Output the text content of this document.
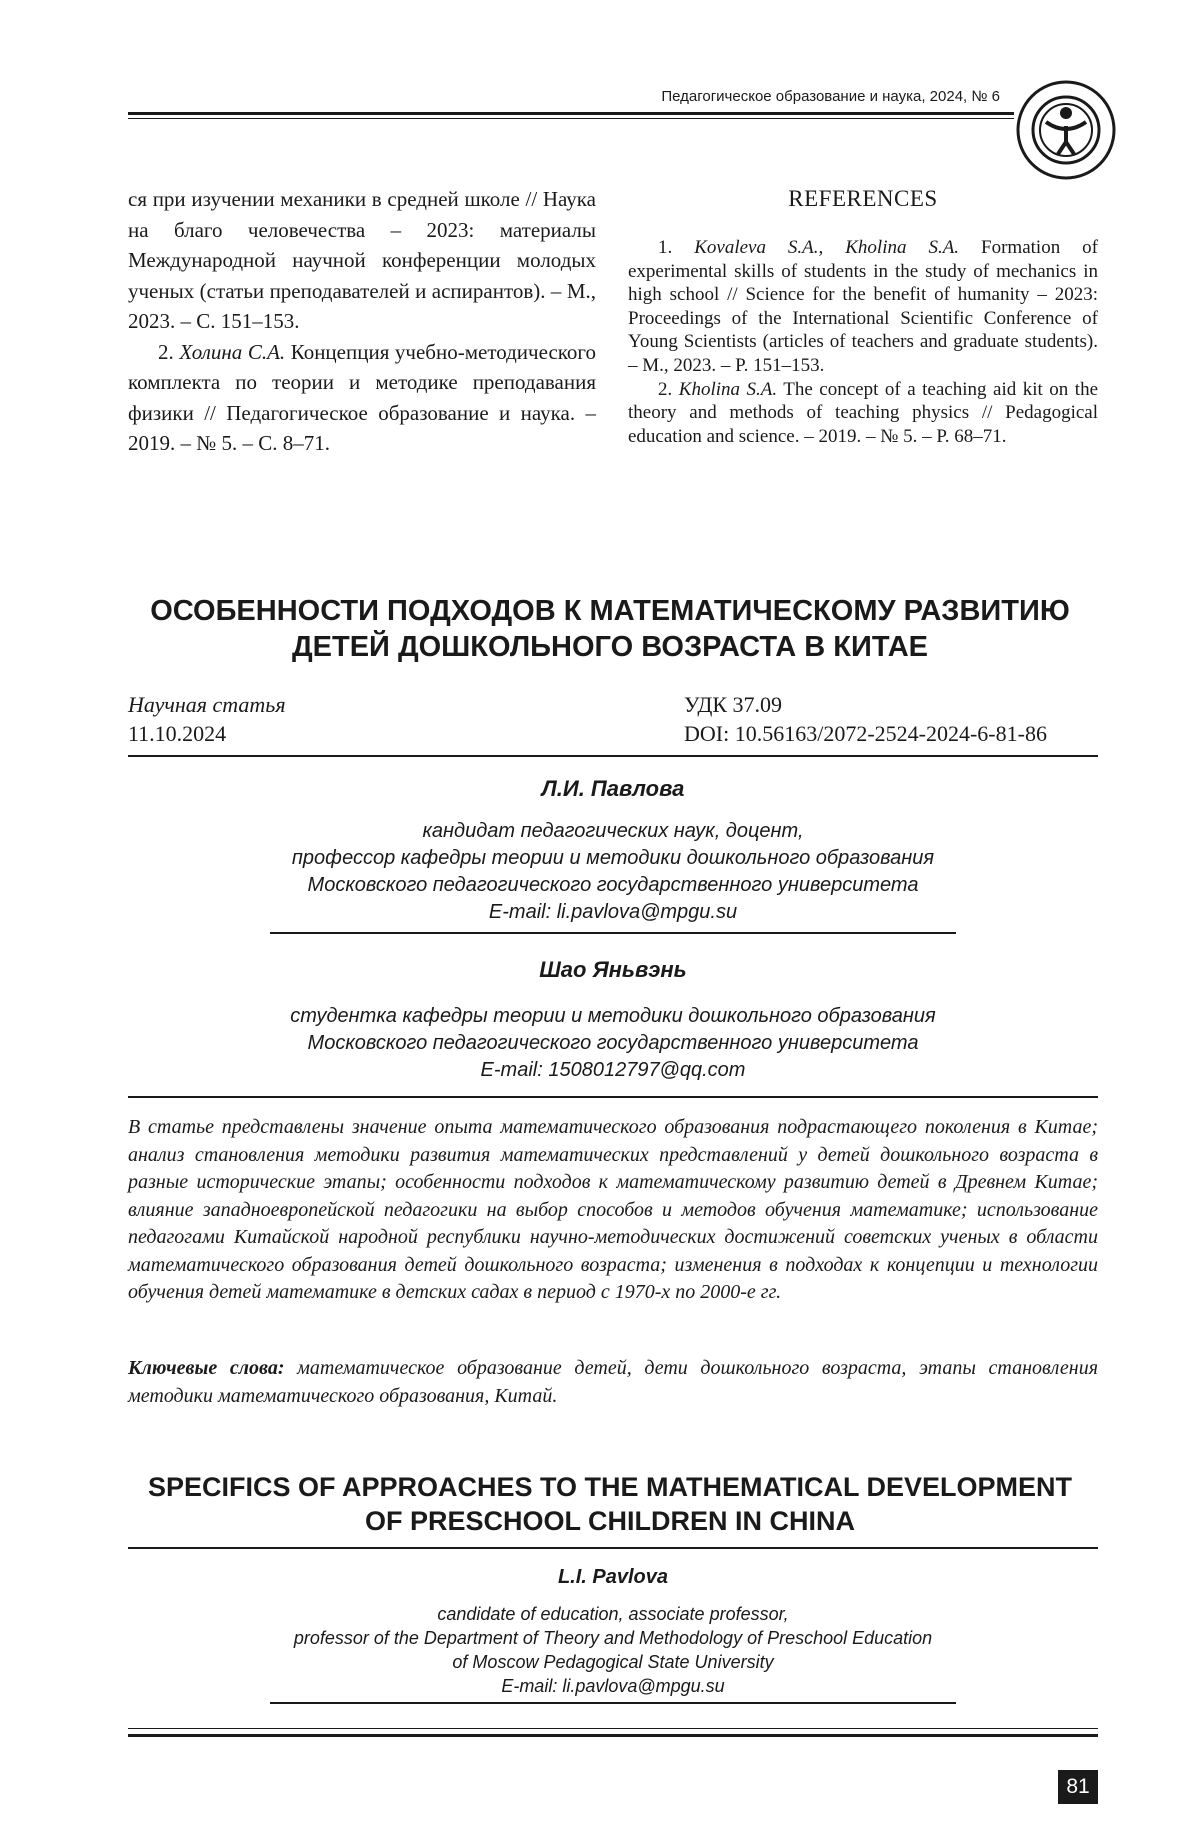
Педагогическое образование и наука, 2024, № 6

ся при изучении механики в средней школе // Наука на благо человечества – 2023: материалы Международной научной конференции молодых ученых (статьи преподавателей и аспирантов). – М., 2023. – С. 151–153.

2. Холина С.А. Концепция учебно-методического комплекта по теории и методике преподавания физики // Педагогическое образование и наука. – 2019. – № 5. – С. 8–71.

REFERENCES

1. Kovaleva S.A., Kholina S.A. Formation of experimental skills of students in the study of mechanics in high school // Science for the benefit of humanity – 2023: Proceedings of the International Scientific Conference of Young Scientists (articles of teachers and graduate students). – M., 2023. – P. 151–153.

2. Kholina S.A. The concept of a teaching aid kit on the theory and methods of teaching physics // Pedagogical education and science. – 2019. – № 5. – P. 68–71.

ОСОБЕННОСТИ ПОДХОДОВ К МАТЕМАТИЧЕСКОМУ РАЗВИТИЮ
ДЕТЕЙ ДОШКОЛЬНОГО ВОЗРАСТА В КИТАЕ
Научная статья
11.10.2024
УДК 37.09
DOI: 10.56163/2072-2524-2024-6-81-86
Л.И. Павлова
кандидат педагогических наук, доцент,
профессор кафедры теории и методики дошкольного образования
Московского педагогического государственного университета
E-mail: li.pavlova@mpgu.su
Шао Яньвэнь
студентка кафедры теории и методики дошкольного образования
Московского педагогического государственного университета
E-mail: 1508012797@qq.com
В статье представлены значение опыта математического образования подрастающего поколения в Китае; анализ становления методики развития математических представлений у детей дошкольного возраста в разные исторические этапы; особенности подходов к математическому развитию детей в Древнем Китае; влияние западноевропейской педагогики на выбор способов и методов обучения математике; использование педагогами Китайской народной республики научно-методических достижений советских ученых в области математического образования детей дошкольного возраста; изменения в подходах к концепции и технологии обучения детей математике в детских садах в период с 1970-х по 2000-е гг.
Ключевые слова: математическое образование детей, дети дошкольного возраста, этапы становления методики математического образования, Китай.
SPECIFICS OF APPROACHES TO THE MATHEMATICAL DEVELOPMENT
OF PRESCHOOL CHILDREN IN CHINA
L.I. Pavlova
candidate of education, associate professor,
professor of the Department of Theory and Methodology of Preschool Education
of Moscow Pedagogical State University
E-mail: li.pavlova@mpgu.su
81
